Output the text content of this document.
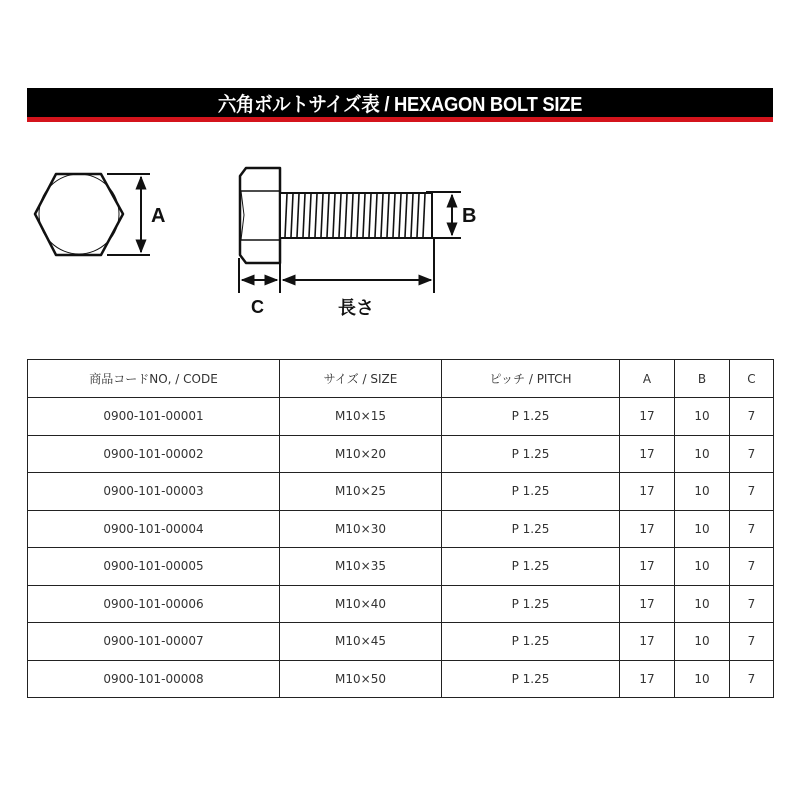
六角ボルトサイズ表 / HEXAGON BOLT SIZE
A	B
C	長さ
商品コードNO, / CODE	サイズ / SIZE	ピッチ / PITCH	A	B	C
0900-101-00001	M10×15	P 1.25	17	10	7
0900-101-00002	M10×20	P 1.25	17	10	7
0900-101-00003	M10×25	P 1.25	17	10	7
0900-101-00004	M10×30	P 1.25	17	10	7
0900-101-00005	M10×35	P 1.25	17	10	7
0900-101-00006	M10×40	P 1.25	17	10	7
0900-101-00007	M10×45	P 1.25	17	10	7
0900-101-00008	M10×50	P 1.25	17	10	7
